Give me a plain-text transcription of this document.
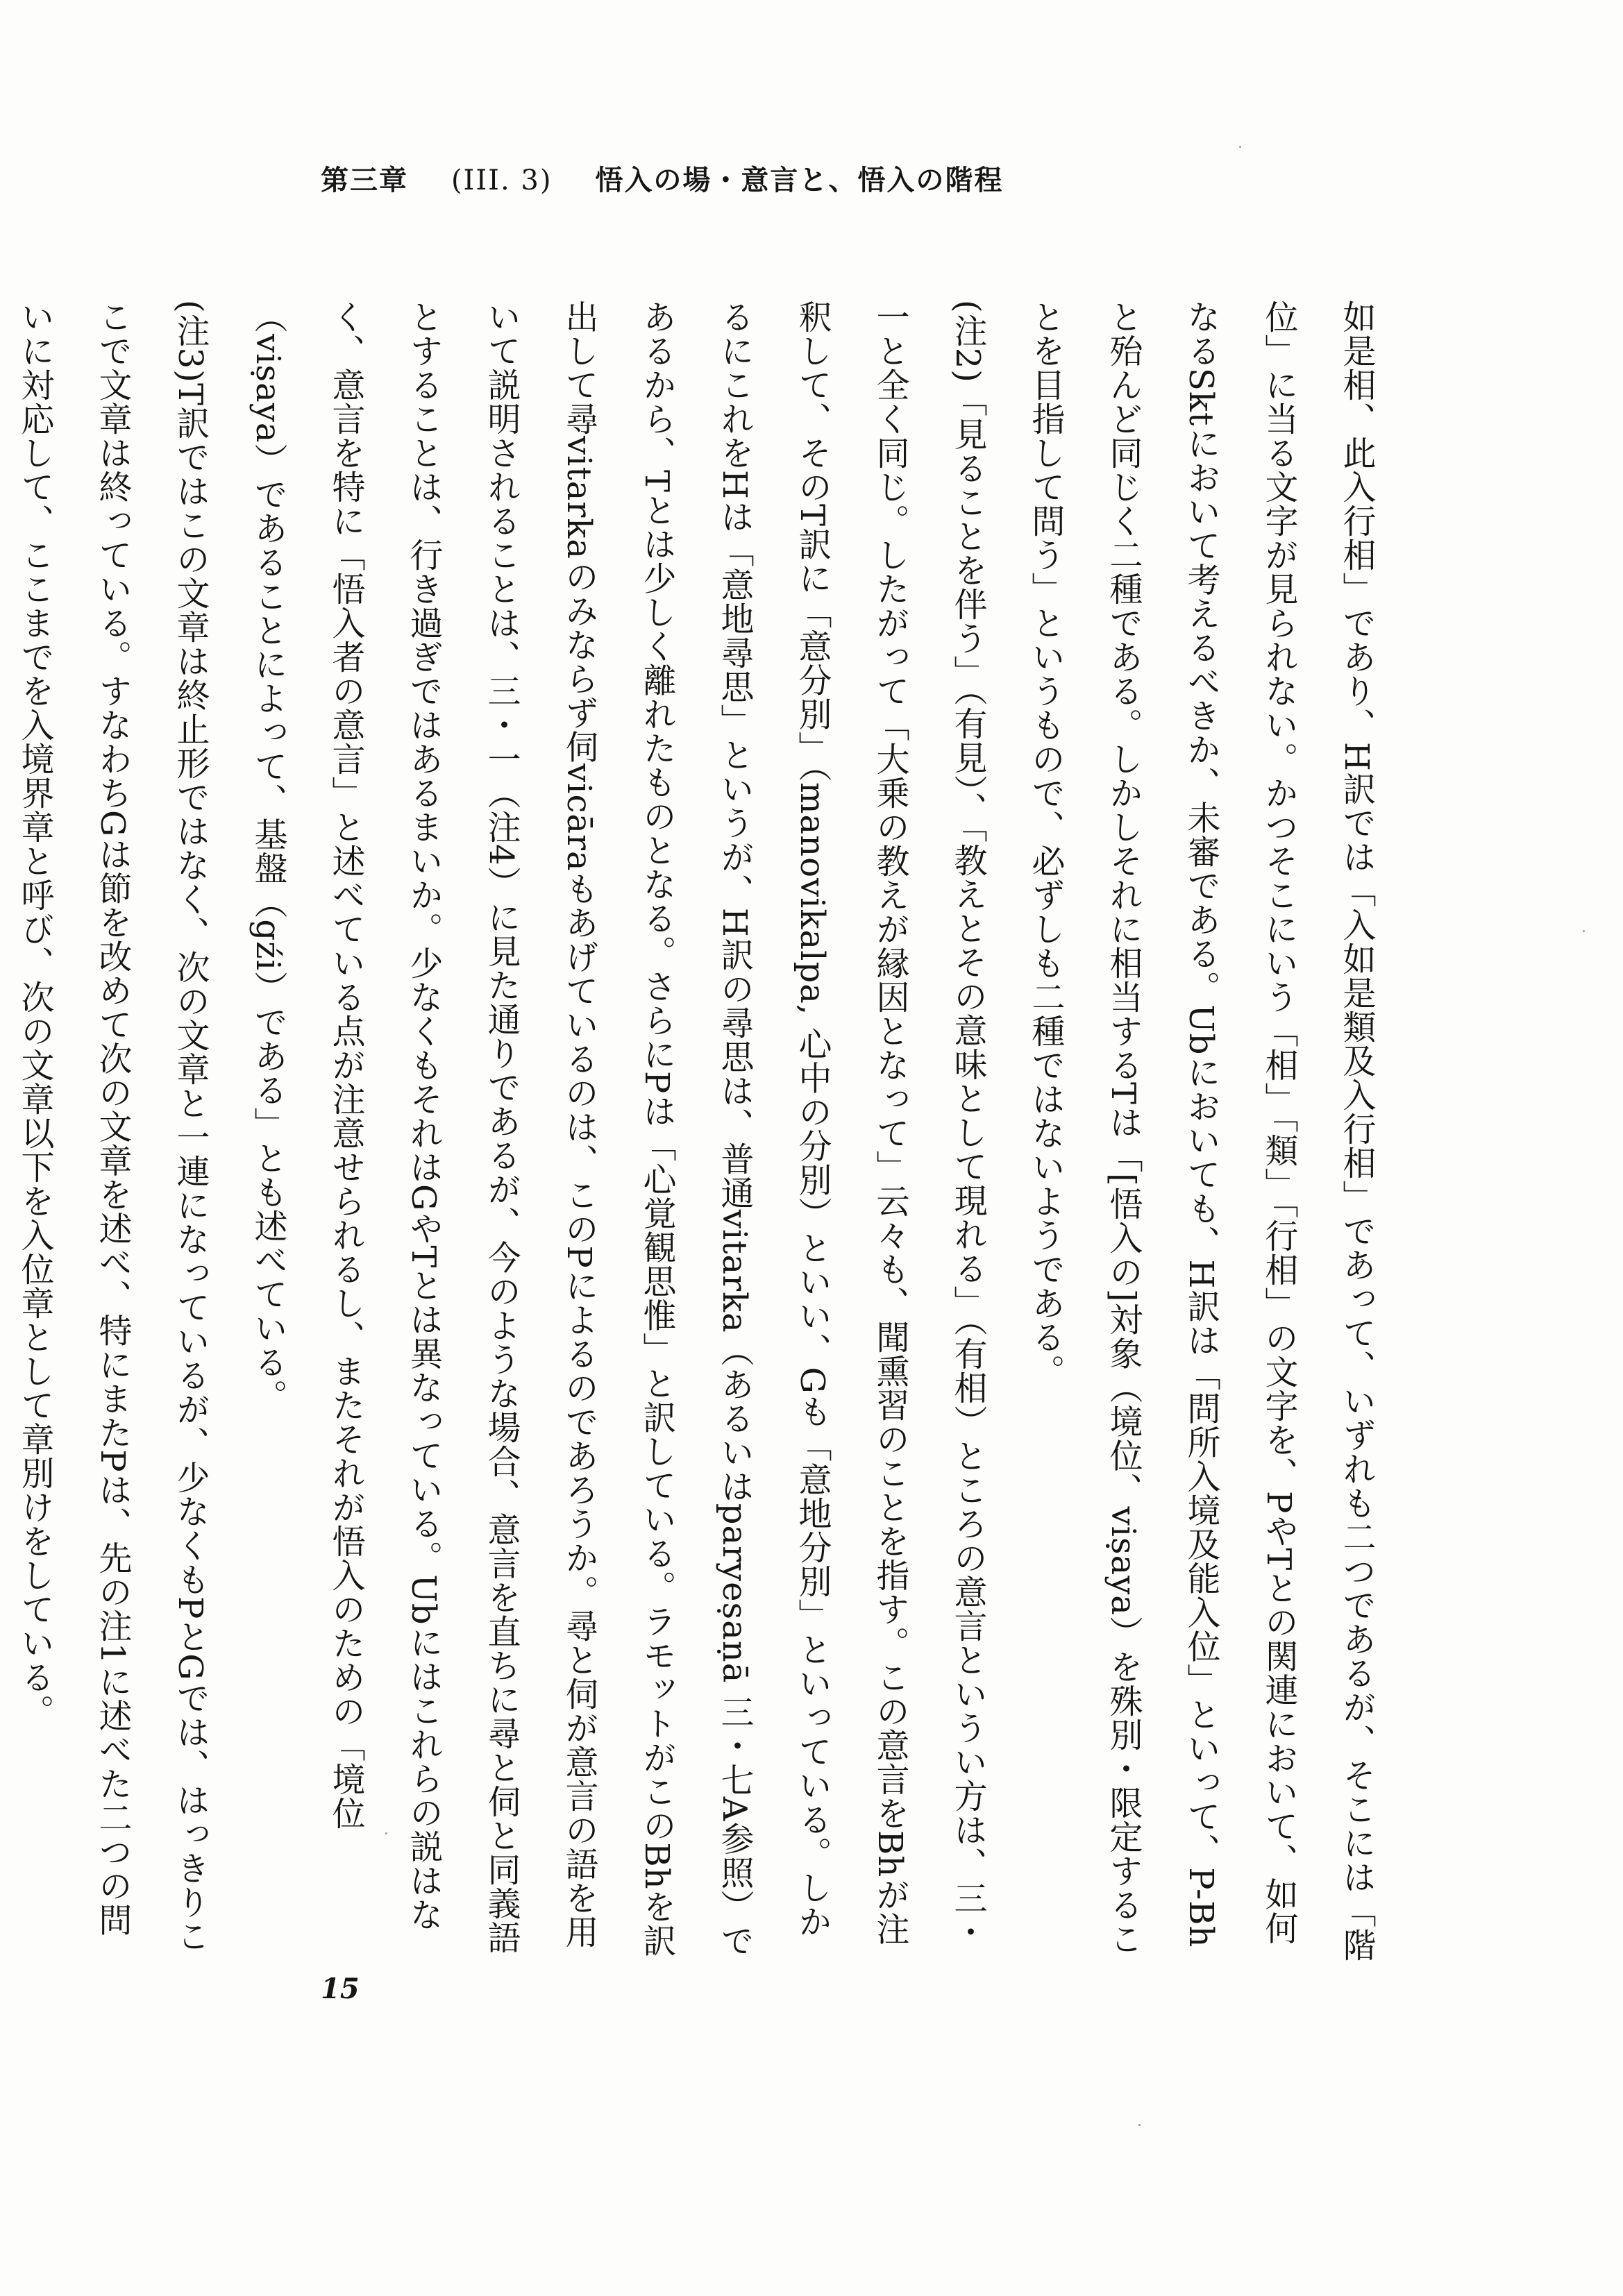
第三章 (III. 3) 悟入の場・意言と、悟入の階程

如是相、此入行相」であり、H訳では「入如是類及入行相」であって、いずれも二つであるが、そこには「階位」に当る文字が見られない。かつそこにいう「相」「類」「行相」の文字を、PやTとの関連において、如何なるSktにおいて考えるべきか、未審である。Ubにおいても、H訳は「問所入境及能入位」といって、P-Bhと殆んど同じく二種である。しかしそれに相当するTは「[悟入の]対象（境位、viṣaya）を殊別・限定することを目指して問う」というもので、必ずしも二種ではないようである。

(注2)「見ることを伴う」（有見）、「教えとその意味として現れる」（有相）ところの意言というい方は、三・一と全く同じ。したがって「大乗の教えが縁因となって」云々も、聞熏習のことを指す。この意言をBhが注釈して、そのT訳に「意分別」（manovikalpa, 心中の分別）といい、Gも「意地分別」といっている。しかるにこれをHは「意地尋思」というが、H訳の尋思は、普通vitarka（あるいはparyeṣaṇā 三・七A参照）であるから、Tとは少しく離れたものとなる。さらにPは「心覚観思惟」と訳している。ラモットがこのBhを訳出して尋vitarkaのみならず伺vicāraもあげているのは、このPによるのであろうか。尋と伺が意言の語を用いて説明されることは、三・一（注4）に見た通りであるが、今のような場合、意言を直ちに尋と伺と同義語とすることは、行き過ぎではあるまいか。少なくもそれはGやTとは異なっている。Ubにはこれらの説はなく、意言を特に「悟入者の意言」と述べている点が注意せられるし、またそれが悟入のための「境位（viṣaya）であることによって、基盤（gźi）である」とも述べている。

(注3)T訳ではこの文章は終止形ではなく、次の文章と一連になっているが、少なくもPとGでは、はっきりここで文章は終っている。すなわちGは節を改めて次の文章を述べ、特にまたPは、先の注1に述べた二つの問いに対応して、ここまでを入境界章と呼び、次の文章以下を入位章として章別けをしている。

15
